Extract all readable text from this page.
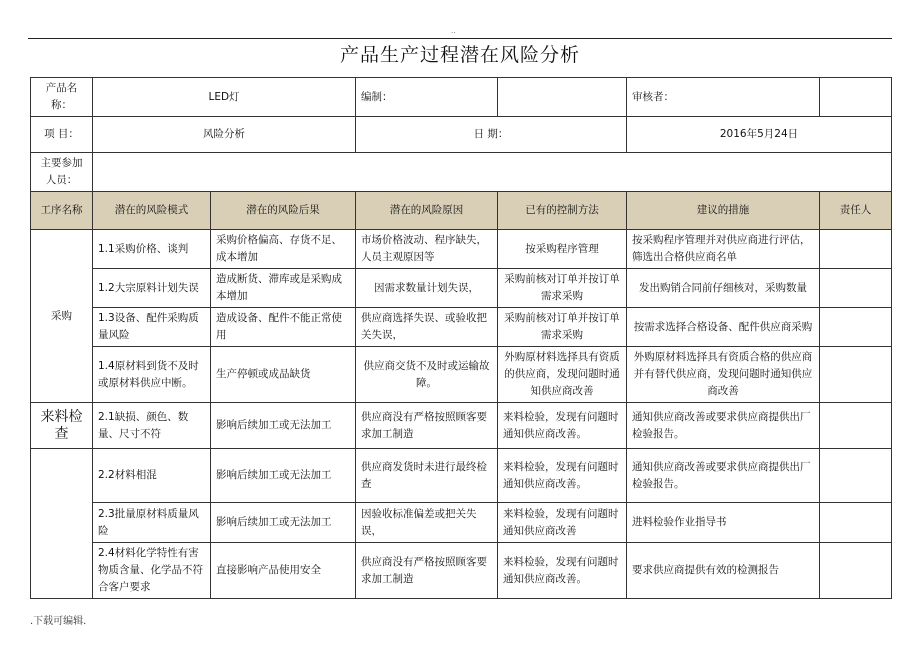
..
产品生产过程潜在风险分析
产品名称：	LED灯		编制：		审核者：	
项 目：	风险分析		日 期：		2016年5月24日	
主要参加人员：						
工序名称	潜在的风险模式	潜在的风险后果	潜在的风险原因	已有的控制方法	建议的措施	责任人
采购	1.1采购价格、谈判	采购价格偏高、存货不足、成本增加	市场价格波动、程序缺失，人员主观原因等	按采购程序管理	按采购程序管理并对供应商进行评估，筛选出合格供应商名单	
	1.2大宗原料计划失误	造成断货、滞库或是采购成本增加	因需求数量计划失误，	采购前核对订单并按订单需求采购	发出购销合同前仔细核对，采购数量	
	1.3设备、配件采购质量风险	造成设备、配件不能正常使用	供应商选择失误、或验收把关失误，	采购前核对订单并按订单需求采购	按需求选择合格设备、配件供应商采购	
	1.4原材料到货不及时或原材料供应中断。	生产停顿或成品缺货	供应商交货不及时或运输故障。	外购原材料选择具有资质的供应商，发现问题时通知供应商改善	外购原材料选择具有资质合格的供应商并有替代供应商，发现问题时通知供应商改善	
来料检查	2.1缺损、颜色、数量、尺寸不符	影响后续加工或无法加工	供应商没有严格按照顾客要求加工制造	来料检验，发现有问题时通知供应商改善。	通知供应商改善或要求供应商提供出厂检验报告。	
	2.2材料相混	影响后续加工或无法加工	供应商发货时未进行最终检查	来料检验，发现有问题时通知供应商改善。	通知供应商改善或要求供应商提供出厂检验报告。	
	2.3批量原材料质量风险	影响后续加工或无法加工	因验收标准偏差或把关失误，	来料检验，发现有问题时通知供应商改善	进料检验作业指导书	
	2.4材料化学特性有害物质含量、化学品不符合客户要求	直接影响产品使用安全	供应商没有严格按照顾客要求加工制造	来料检验，发现有问题时通知供应商改善。	要求供应商提供有效的检测报告	
.下载可编辑.
